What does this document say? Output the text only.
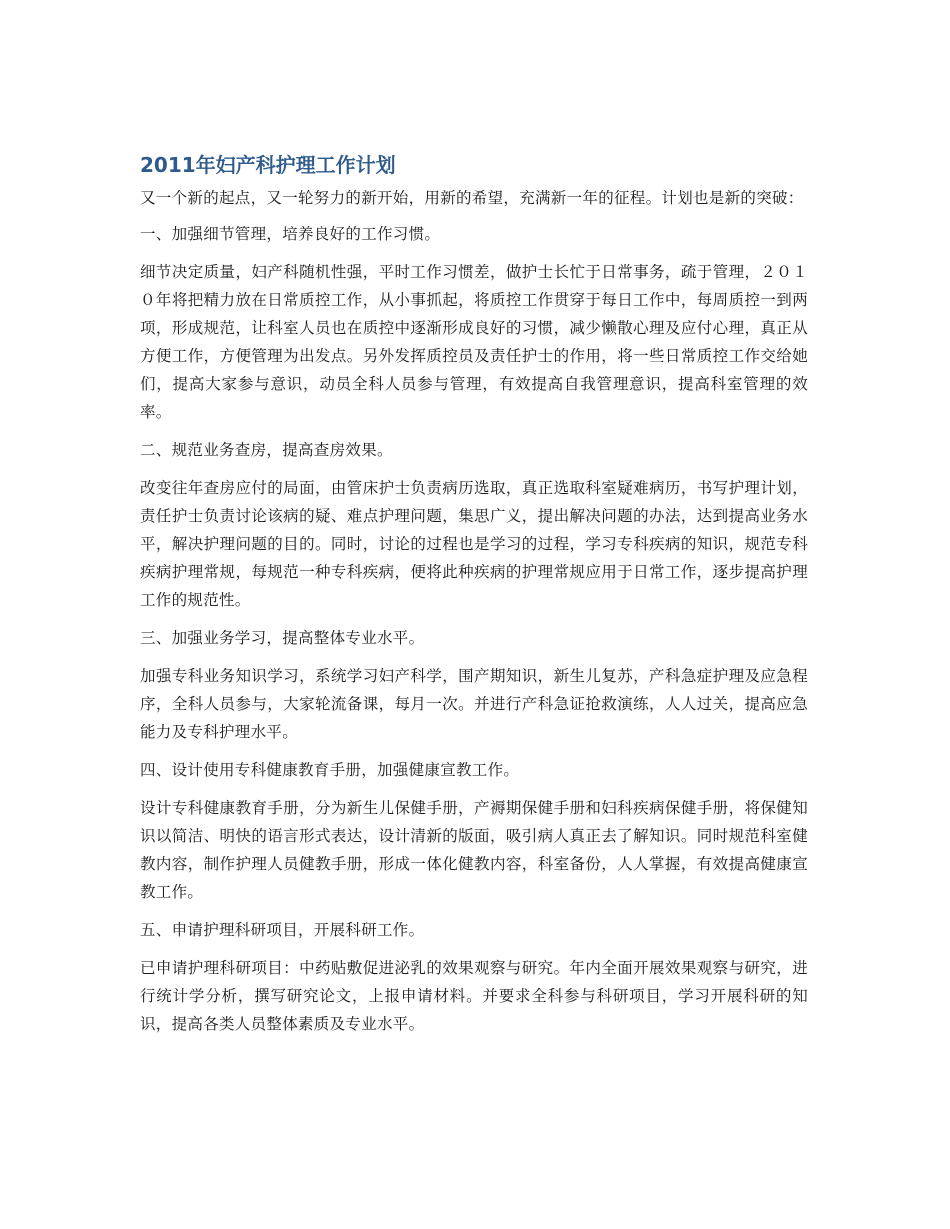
2011年妇产科护理工作计划

又一个新的起点，又一轮努力的新开始，用新的希望，充满新一年的征程。计划也是新的突破：

一、加强细节管理，培养良好的工作习惯。

细节决定质量，妇产科随机性强，平时工作习惯差，做护士长忙于日常事务，疏于管理，２０１０年将把精力放在日常质控工作，从小事抓起，将质控工作贯穿于每日工作中，每周质控一到两项，形成规范，让科室人员也在质控中逐渐形成良好的习惯，减少懒散心理及应付心理，真正从方便工作，方便管理为出发点。另外发挥质控员及责任护士的作用，将一些日常质控工作交给她们，提高大家参与意识，动员全科人员参与管理，有效提高自我管理意识，提高科室管理的效率。

二、规范业务查房，提高查房效果。

改变往年查房应付的局面，由管床护士负责病历选取，真正选取科室疑难病历，书写护理计划，责任护士负责讨论该病的疑、难点护理问题，集思广义，提出解决问题的办法，达到提高业务水平，解决护理问题的目的。同时，讨论的过程也是学习的过程，学习专科疾病的知识，规范专科疾病护理常规，每规范一种专科疾病，便将此种疾病的护理常规应用于日常工作，逐步提高护理工作的规范性。

三、加强业务学习，提高整体专业水平。

加强专科业务知识学习，系统学习妇产科学，围产期知识，新生儿复苏，产科急症护理及应急程序，全科人员参与，大家轮流备课，每月一次。并进行产科急证抢救演练，人人过关，提高应急能力及专科护理水平。

四、设计使用专科健康教育手册，加强健康宣教工作。

设计专科健康教育手册，分为新生儿保健手册，产褥期保健手册和妇科疾病保健手册，将保健知识以简洁、明快的语言形式表达，设计清新的版面，吸引病人真正去了解知识。同时规范科室健教内容，制作护理人员健教手册，形成一体化健教内容，科室备份，人人掌握，有效提高健康宣教工作。

五、申请护理科研项目，开展科研工作。

已申请护理科研项目：中药贴敷促进泌乳的效果观察与研究。年内全面开展效果观察与研究，进行统计学分析，撰写研究论文，上报申请材料。并要求全科参与科研项目，学习开展科研的知识，提高各类人员整体素质及专业水平。
